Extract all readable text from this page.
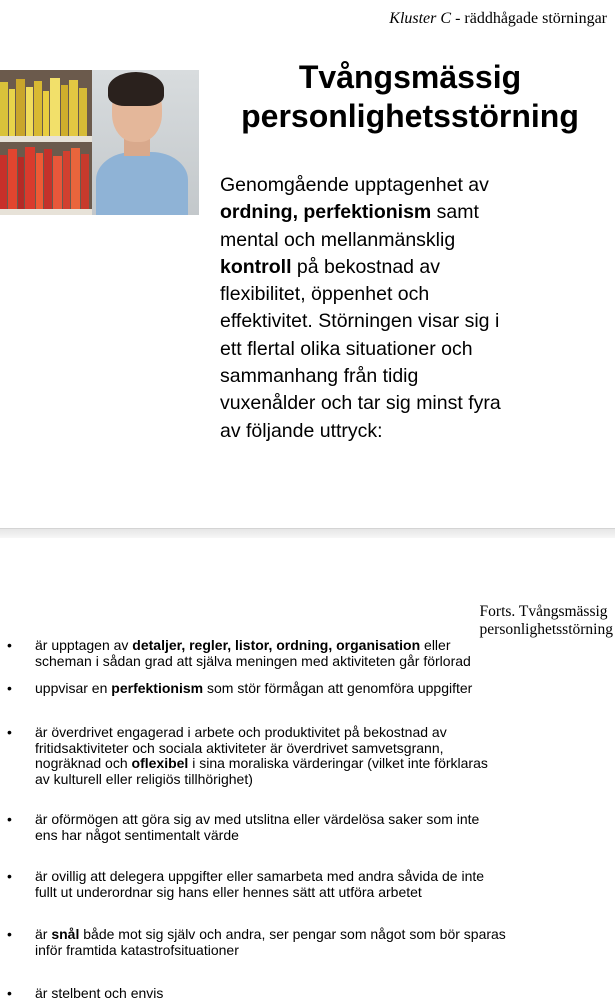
Kluster C - räddhågade störningar
Tvångsmässig
personlighetsstörning
Genomgående upptagenhet av
ordning, perfektionism samt
mental och mellanmänsklig
kontroll på bekostnad av
flexibilitet, öppenhet och
effektivitet. Störningen visar sig i
ett flertal olika situationer och
sammanhang från tidig
vuxenålder och tar sig minst fyra
av följande uttryck:
Forts. Tvångsmässig
personlighetsstörning
• är upptagen av detaljer, regler, listor, ordning, organisation eller
scheman i sådan grad att själva meningen med aktiviteten går förlorad
• uppvisar en perfektionism som stör förmågan att genomföra uppgifter
• är överdrivet engagerad i arbete och produktivitet på bekostnad av
fritidsaktiviteter och sociala aktiviteter är överdrivet samvetsgrann,
nogräknad och oflexibel i sina moraliska värderingar (vilket inte förklaras
av kulturell eller religiös tillhörighet)
• är oförmögen att göra sig av med utslitna eller värdelösa saker som inte
ens har något sentimentalt värde
• är ovillig att delegera uppgifter eller samarbeta med andra såvida de inte
fullt ut underordnar sig hans eller hennes sätt att utföra arbetet
• är snål både mot sig själv och andra, ser pengar som något som bör sparas
inför framtida katastrofsituationer
• är stelbent och envis
